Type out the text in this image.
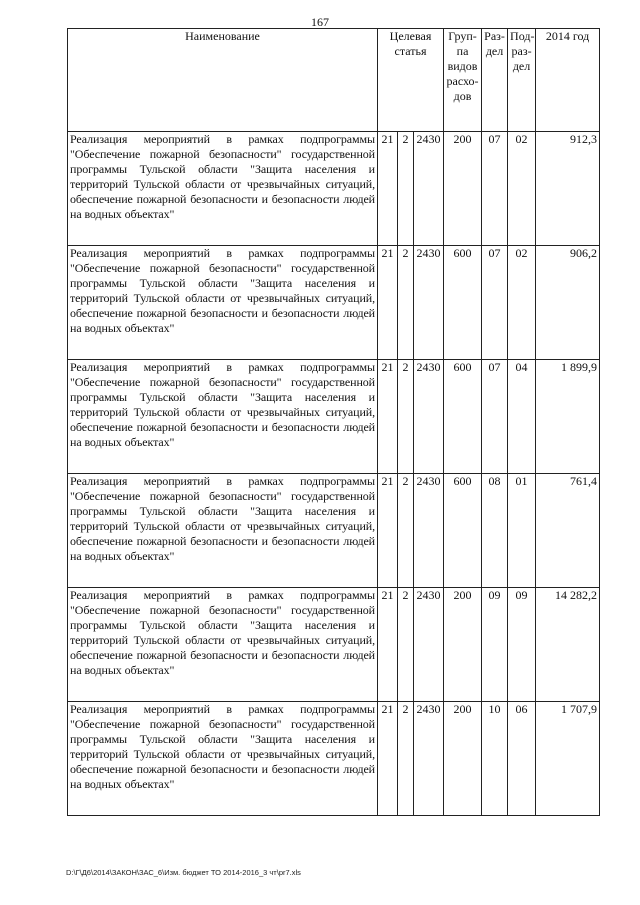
167
Наименование	Целевая статья			Груп-па видов расхо-дов	Раз-дел	Под-раз-дел	2014 год
Реализация мероприятий в рамках подпрограммы "Обеспечение пожарной безопасности" государственной программы Тульской области "Защита населения и территорий Тульской области от чрезвычайных ситуаций, обеспечение пожарной безопасности и безопасности людей на водных объектах"	21	2	2430	200	07	02	912,3
Реализация мероприятий в рамках подпрограммы "Обеспечение пожарной безопасности" государственной программы Тульской области "Защита населения и территорий Тульской области от чрезвычайных ситуаций, обеспечение пожарной безопасности и безопасности людей на водных объектах"	21	2	2430	600	07	02	906,2
Реализация мероприятий в рамках подпрограммы "Обеспечение пожарной безопасности" государственной программы Тульской области "Защита населения и территорий Тульской области от чрезвычайных ситуаций, обеспечение пожарной безопасности и безопасности людей на водных объектах"	21	2	2430	600	07	04	1 899,9
Реализация мероприятий в рамках подпрограммы "Обеспечение пожарной безопасности" государственной программы Тульской области "Защита населения и территорий Тульской области от чрезвычайных ситуаций, обеспечение пожарной безопасности и безопасности людей на водных объектах"	21	2	2430	600	08	01	761,4
Реализация мероприятий в рамках подпрограммы "Обеспечение пожарной безопасности" государственной программы Тульской области "Защита населения и территорий Тульской области от чрезвычайных ситуаций, обеспечение пожарной безопасности и безопасности людей на водных объектах"	21	2	2430	200	09	09	14 282,2
Реализация мероприятий в рамках подпрограммы "Обеспечение пожарной безопасности" государственной программы Тульской области "Защита населения и территорий Тульской области от чрезвычайных ситуаций, обеспечение пожарной безопасности и безопасности людей на водных объектах"	21	2	2430	200	10	06	1 707,9
D:\Г\Д6\2014\ЗАКОН\ЗАС_6\Изм. бюджет ТО 2014-2016_3 чт\pr7.xls
